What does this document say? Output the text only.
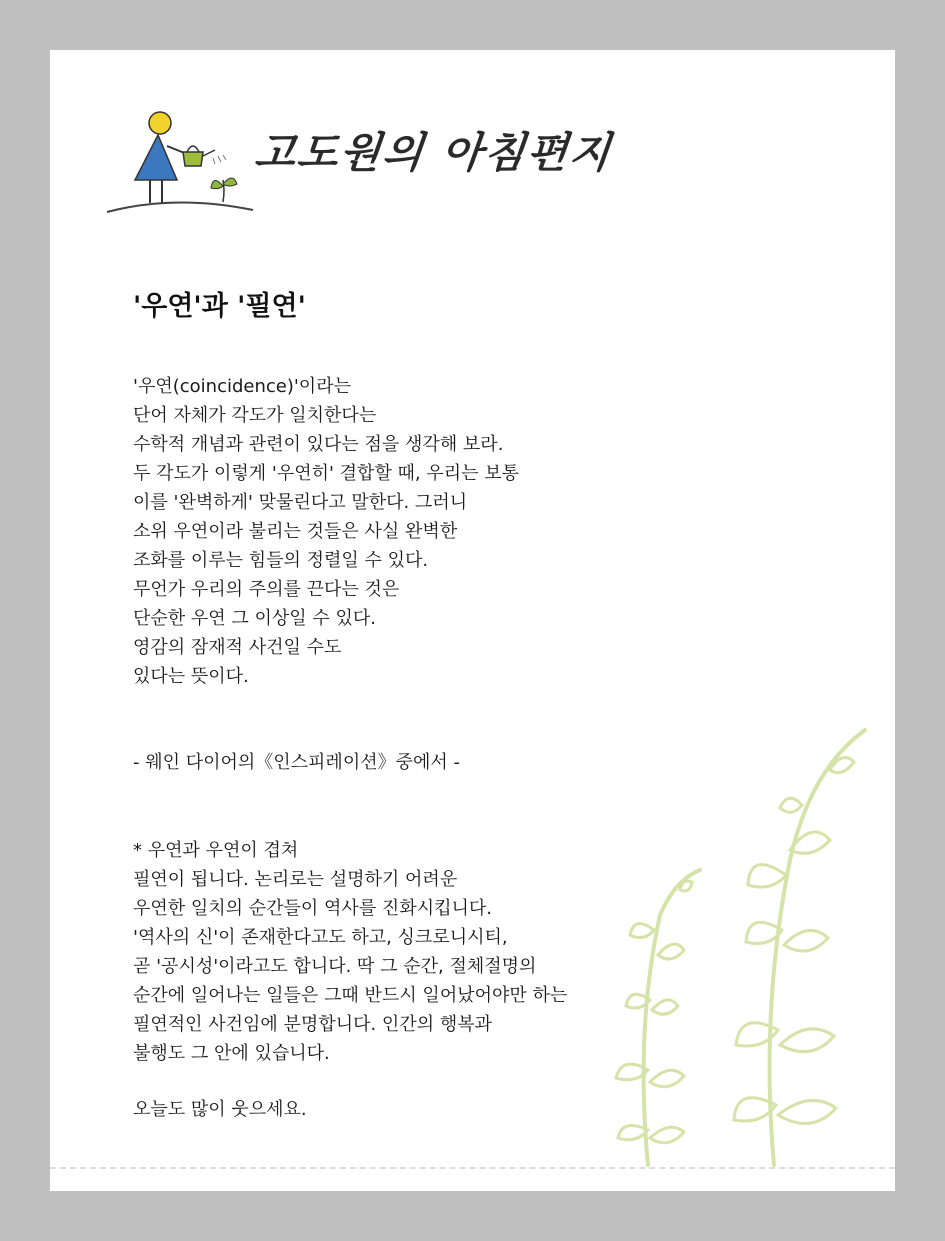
고도원의 아침편지
'우연'과 '필연'
'우연(coincidence)'이라는
단어 자체가 각도가 일치한다는
수학적 개념과 관련이 있다는 점을 생각해 보라.
두 각도가 이렇게 '우연히' 결합할 때, 우리는 보통
이를 '완벽하게' 맞물린다고 말한다. 그러니
소위 우연이라 불리는 것들은 사실 완벽한
조화를 이루는 힘들의 정렬일 수 있다.
무언가 우리의 주의를 끈다는 것은
단순한 우연 그 이상일 수 있다.
영감의 잠재적 사건일 수도
있다는 뜻이다.
- 웨인 다이어의《인스피레이션》중에서 -
* 우연과 우연이 겹쳐
필연이 됩니다. 논리로는 설명하기 어려운
우연한 일치의 순간들이 역사를 진화시킵니다.
'역사의 신'이 존재한다고도 하고, 싱크로니시티,
곧 '공시성'이라고도 합니다. 딱 그 순간, 절체절명의
순간에 일어나는 일들은 그때 반드시 일어났어야만 하는
필연적인 사건임에 분명합니다. 인간의 행복과
불행도 그 안에 있습니다.
오늘도 많이 웃으세요.
